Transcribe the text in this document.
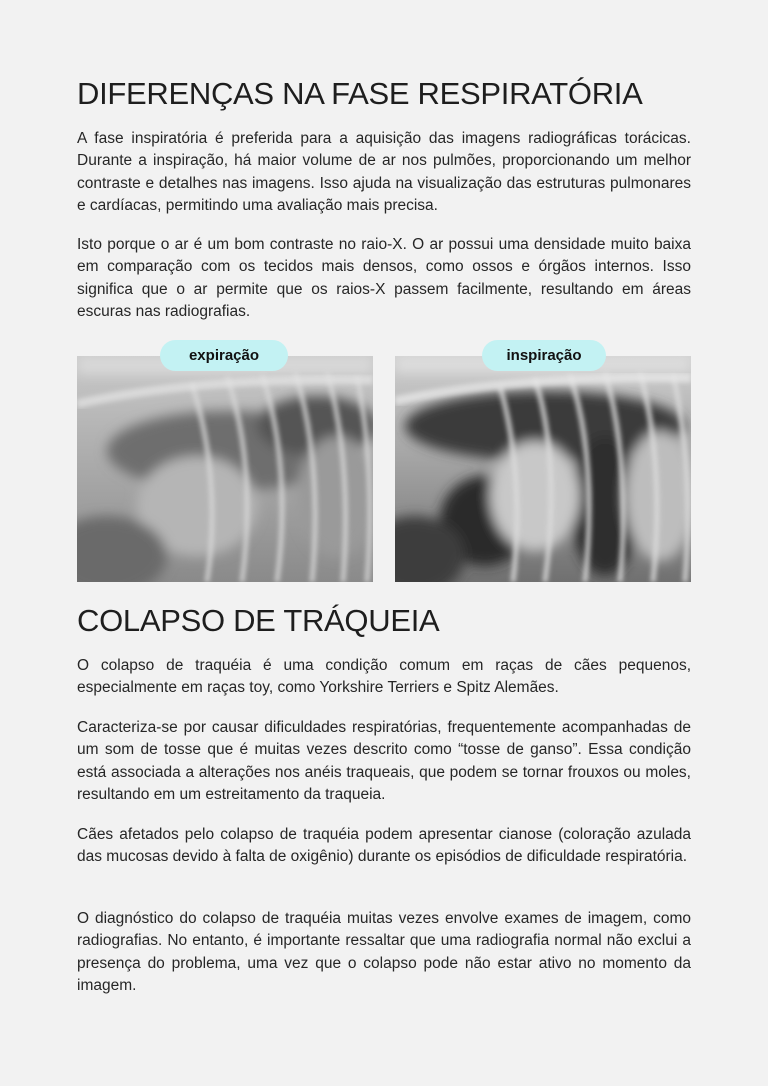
DIFERENÇAS NA FASE RESPIRATÓRIA

A fase inspiratória é preferida para a aquisição das imagens radiográficas torácicas. Durante a inspiração, há maior volume de ar nos pulmões, proporcionando um melhor contraste e detalhes nas imagens. Isso ajuda na visualização das estruturas pulmonares e cardíacas, permitindo uma avaliação mais precisa.

Isto porque o ar é um bom contraste no raio-X. O ar possui uma densidade muito baixa em comparação com os tecidos mais densos, como ossos e órgãos internos. Isso significa que o ar permite que os raios-X passem facilmente, resultando em áreas escuras nas radiografias.

expiração	inspiração
COLAPSO DE TRÁQUEIA

O colapso de traquéia é uma condição comum em raças de cães pequenos, especialmente em raças toy, como Yorkshire Terriers e Spitz Alemães.

Caracteriza-se por causar dificuldades respiratórias, frequentemente acompanhadas de um som de tosse que é muitas vezes descrito como “tosse de ganso”. Essa condição está associada a alterações nos anéis traqueais, que podem se tornar frouxos ou moles, resultando em um estreitamento da traqueia.

Cães afetados pelo colapso de traquéia podem apresentar cianose (coloração azulada das mucosas devido à falta de oxigênio) durante os episódios de dificuldade respiratória.

O diagnóstico do colapso de traquéia muitas vezes envolve exames de imagem, como radiografias. No entanto, é importante ressaltar que uma radiografia normal não exclui a presença do problema, uma vez que o colapso pode não estar ativo no momento da imagem.
